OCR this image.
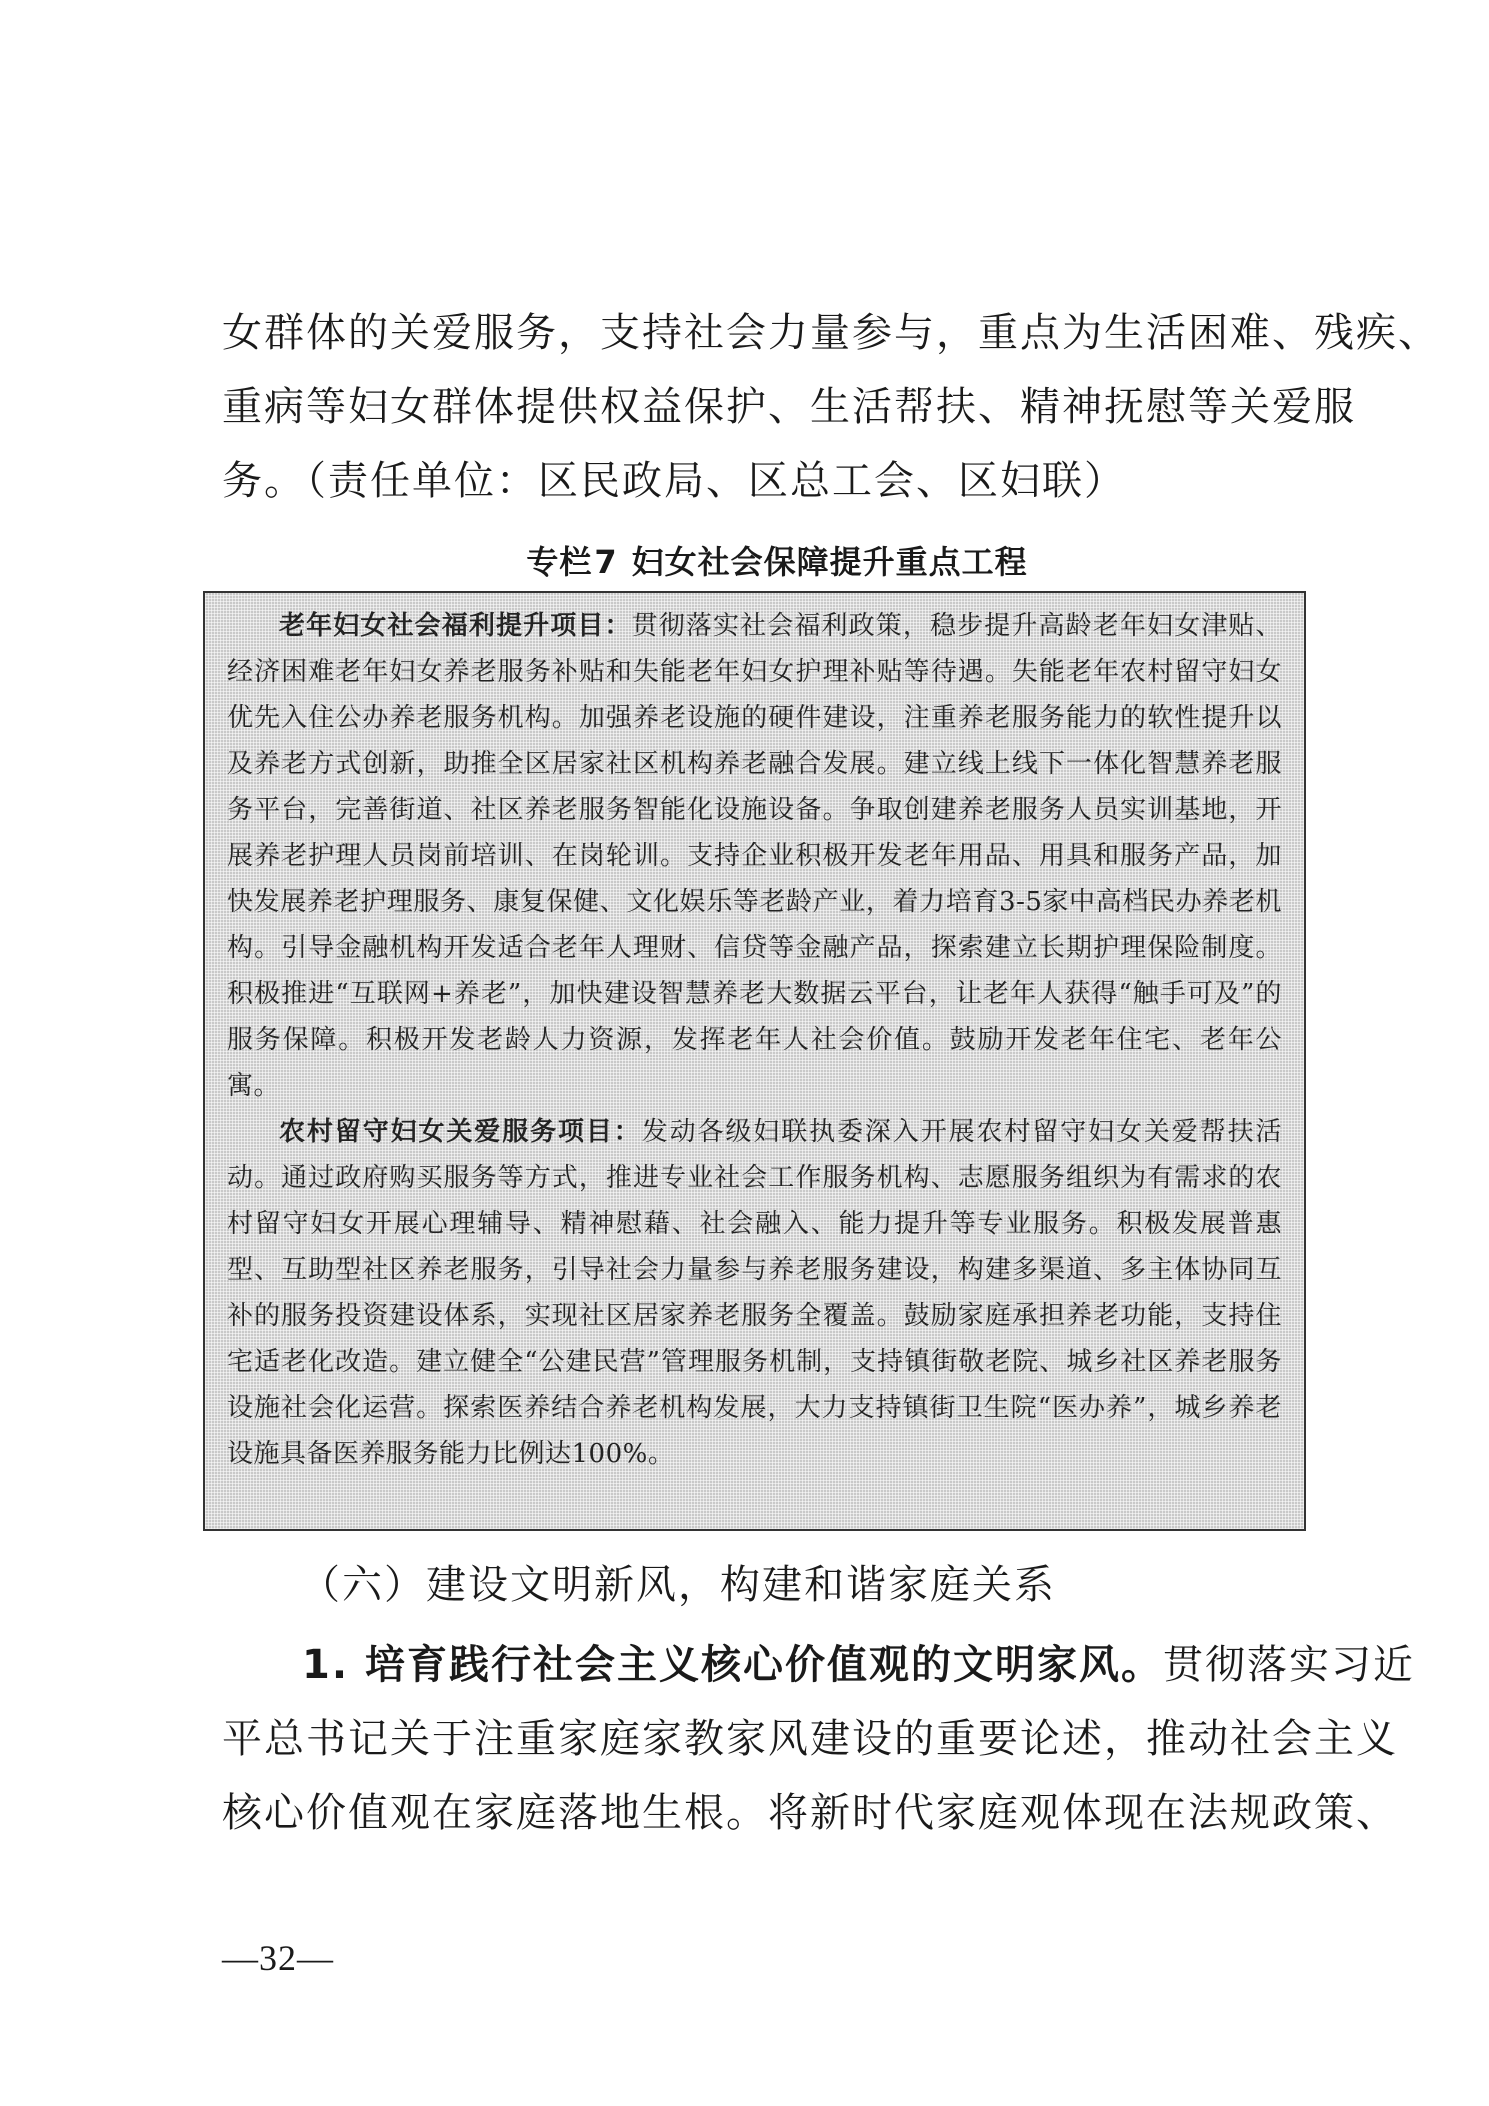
女群体的关爱服务，支持社会力量参与，重点为生活困难、残疾、

重病等妇女群体提供权益保护、生活帮扶、精神抚慰等关爱服

务。（责任单位：区民政局、区总工会、区妇联）

专栏7 妇女社会保障提升重点工程

老年妇女社会福利提升项目：贯彻落实社会福利政策，稳步提升高龄老年妇女津贴、经济困难老年妇女养老服务补贴和失能老年妇女护理补贴等待遇。失能老年农村留守妇女优先入住公办养老服务机构。加强养老设施的硬件建设，注重养老服务能力的软性提升以及养老方式创新，助推全区居家社区机构养老融合发展。建立线上线下一体化智慧养老服务平台，完善街道、社区养老服务智能化设施设备。争取创建养老服务人员实训基地，开展养老护理人员岗前培训、在岗轮训。支持企业积极开发老年用品、用具和服务产品，加快发展养老护理服务、康复保健、文化娱乐等老龄产业，着力培育3-5家中高档民办养老机构。引导金融机构开发适合老年人理财、信贷等金融产品，探索建立长期护理保险制度。积极推进“互联网+养老”，加快建设智慧养老大数据云平台，让老年人获得“触手可及”的服务保障。积极开发老龄人力资源，发挥老年人社会价值。鼓励开发老年住宅、老年公寓。

农村留守妇女关爱服务项目：发动各级妇联执委深入开展农村留守妇女关爱帮扶活动。通过政府购买服务等方式，推进专业社会工作服务机构、志愿服务组织为有需求的农村留守妇女开展心理辅导、精神慰藉、社会融入、能力提升等专业服务。积极发展普惠型、互助型社区养老服务，引导社会力量参与养老服务建设，构建多渠道、多主体协同互补的服务投资建设体系，实现社区居家养老服务全覆盖。鼓励家庭承担养老功能，支持住宅适老化改造。建立健全“公建民营”管理服务机制，支持镇街敬老院、城乡社区养老服务设施社会化运营。探索医养结合养老机构发展，大力支持镇街卫生院“医办养”，城乡养老设施具备医养服务能力比例达100%。

（六）建设文明新风，构建和谐家庭关系

1. 培育践行社会主义核心价值观的文明家风。贯彻落实习近

平总书记关于注重家庭家教家风建设的重要论述，推动社会主义

核心价值观在家庭落地生根。将新时代家庭观体现在法规政策、

—32—
